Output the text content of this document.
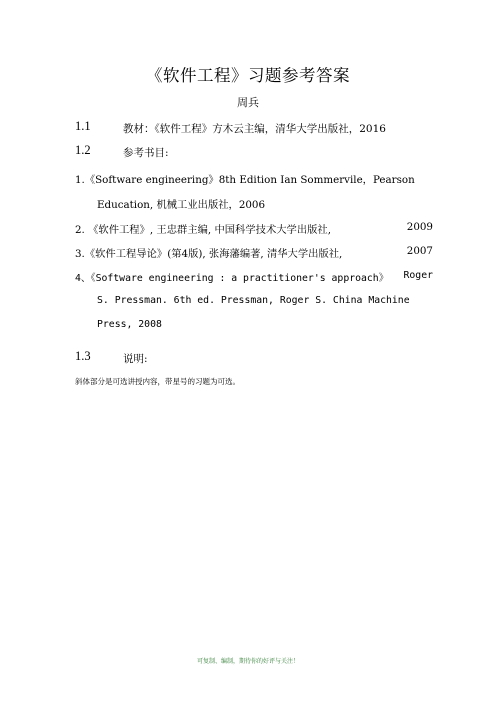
《软件工程》习题参考答案
周兵
1.1	教材：《软件工程》方木云主编，清华大学出版社，2016
1.2	参考书目:
1.《Software engineering》8th Edition Ian Sommervile，Pearson
Education, 机械工业出版社，2006
2. 《软件工程》, 王忠群主编, 中国科学技术大学出版社,	2009
3.《软件工程导论》(第4版), 张海藩编著, 清华大学出版社,	2007
4、《Software engineering : a practitioner's approach》 Roger
S. Pressman. 6th ed. Pressman, Roger S. China Machine
Press, 2008
1.3	说明:
斜体部分是可选讲授内容，带星号的习题为可选。
可复制、编制，期待你的好评与关注！
